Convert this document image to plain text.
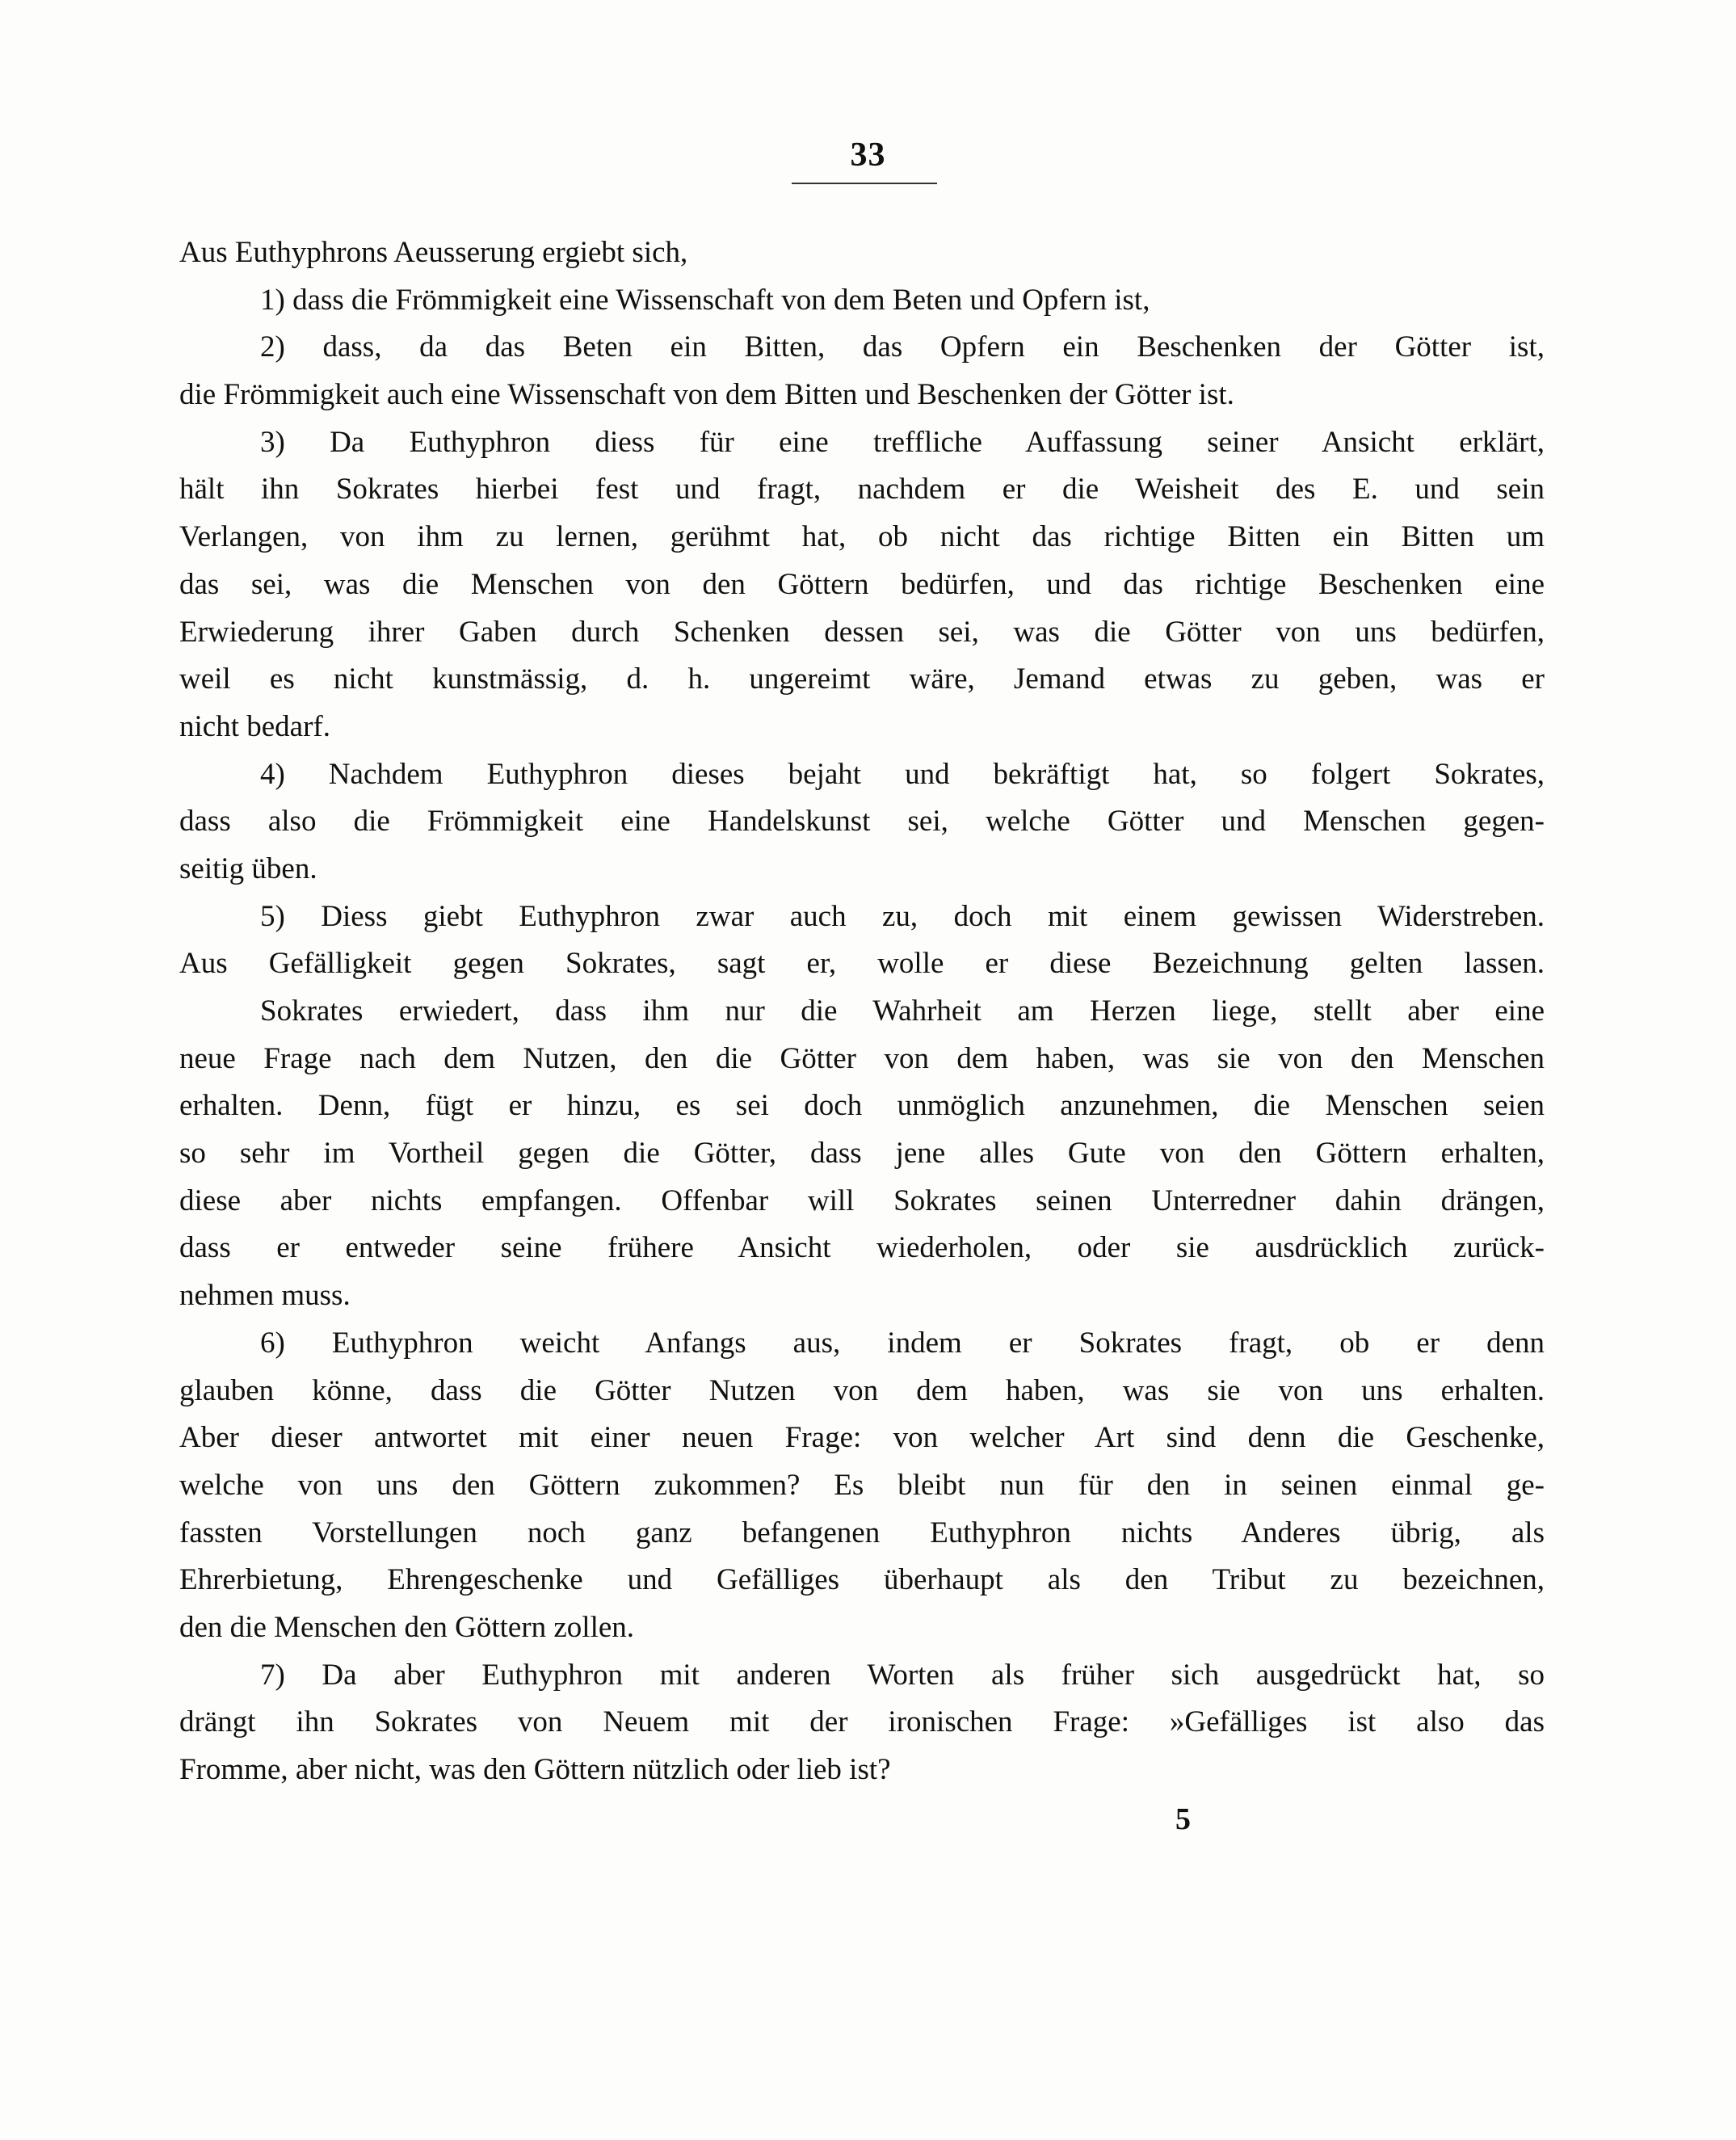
33
Aus Euthyphrons Aeusserung ergiebt sich,
1) dass die Frömmigkeit eine Wissenschaft von dem Beten und Opfern ist,
2) dass, da das Beten ein Bitten, das Opfern ein Beschenken der Götter ist,
die Frömmigkeit auch eine Wissenschaft von dem Bitten und Beschenken der Götter ist.
3) Da Euthyphron diess für eine treffliche Auffassung seiner Ansicht erklärt,
hält ihn Sokrates hierbei fest und fragt, nachdem er die Weisheit des E. und sein
Verlangen, von ihm zu lernen, gerühmt hat, ob nicht das richtige Bitten ein Bitten um
das sei, was die Menschen von den Göttern bedürfen, und das richtige Beschenken eine
Erwiederung ihrer Gaben durch Schenken dessen sei, was die Götter von uns bedürfen,
weil es nicht kunstmässig, d. h. ungereimt wäre, Jemand etwas zu geben, was er
nicht bedarf.
4) Nachdem Euthyphron dieses bejaht und bekräftigt hat, so folgert Sokrates,
dass also die Frömmigkeit eine Handelskunst sei, welche Götter und Menschen gegen-
seitig üben.
5) Diess giebt Euthyphron zwar auch zu, doch mit einem gewissen Widerstreben.
Aus Gefälligkeit gegen Sokrates, sagt er, wolle er diese Bezeichnung gelten lassen.
Sokrates erwiedert, dass ihm nur die Wahrheit am Herzen liege, stellt aber eine
neue Frage nach dem Nutzen, den die Götter von dem haben, was sie von den Menschen
erhalten. Denn, fügt er hinzu, es sei doch unmöglich anzunehmen, die Menschen seien
so sehr im Vortheil gegen die Götter, dass jene alles Gute von den Göttern erhalten,
diese aber nichts empfangen. Offenbar will Sokrates seinen Unterredner dahin drängen,
dass er entweder seine frühere Ansicht wiederholen, oder sie ausdrücklich zurück-
nehmen muss.
6) Euthyphron weicht Anfangs aus, indem er Sokrates fragt, ob er denn
glauben könne, dass die Götter Nutzen von dem haben, was sie von uns erhalten.
Aber dieser antwortet mit einer neuen Frage: von welcher Art sind denn die Geschenke,
welche von uns den Göttern zukommen? Es bleibt nun für den in seinen einmal ge-
fassten Vorstellungen noch ganz befangenen Euthyphron nichts Anderes übrig, als
Ehrerbietung, Ehrengeschenke und Gefälliges überhaupt als den Tribut zu bezeichnen,
den die Menschen den Göttern zollen.
7) Da aber Euthyphron mit anderen Worten als früher sich ausgedrückt hat, so
drängt ihn Sokrates von Neuem mit der ironischen Frage: »Gefälliges ist also das
Fromme, aber nicht, was den Göttern nützlich oder lieb ist?
5
